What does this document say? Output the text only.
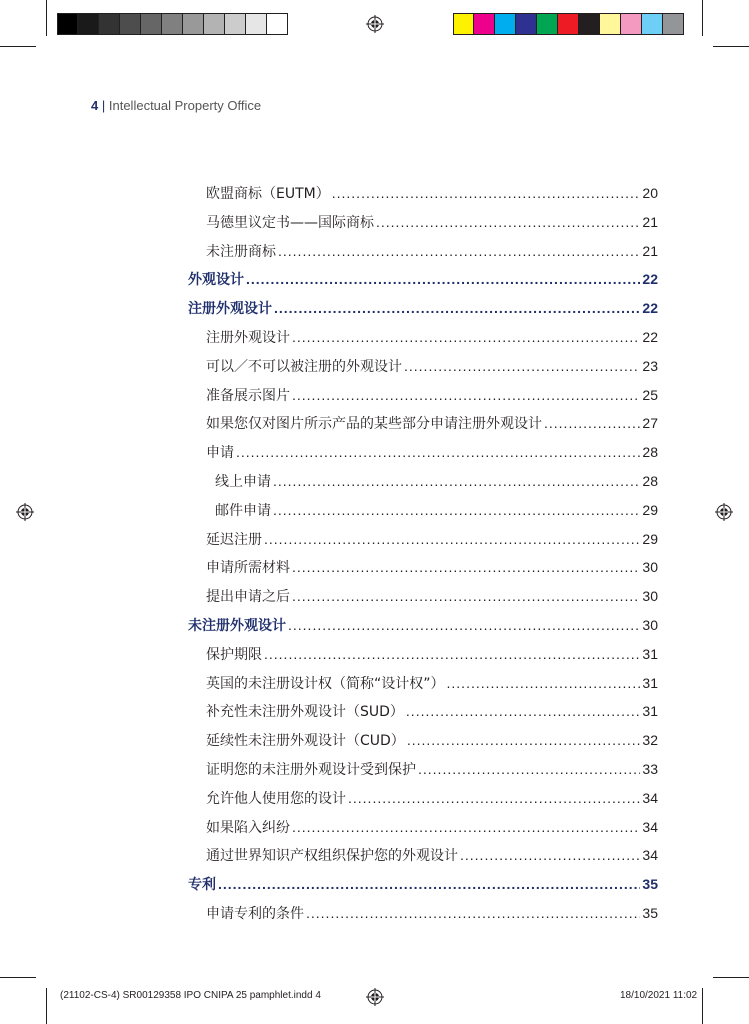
4 | Intellectual Property Office
欧盟商标（EUTM） .....	20
马德里议定书——国际商标 .....	21
未注册商标 .....	21
外观设计 .....	22
注册外观设计 .....	22
注册外观设计 .....	22
可以／不可以被注册的外观设计 .....	23
准备展示图片 .....	25
如果您仅对图片所示产品的某些部分申请注册外观设计 .....	27
申请 .....	28
线上申请 .....	28
邮件申请 .....	29
延迟注册 .....	29
申请所需材料 .....	30
提出申请之后 .....	30
未注册外观设计 .....	30
保护期限 .....	31
英国的未注册设计权（简称“设计权”） .....	31
补充性未注册外观设计（SUD） .....	31
延续性未注册外观设计（CUD） .....	32
证明您的未注册外观设计受到保护 .....	33
允许他人使用您的设计 .....	34
如果陷入纠纷 .....	34
通过世界知识产权组织保护您的外观设计 .....	34
专利 .....	35
申请专利的条件 .....	35
(21102-CS-4) SR00129358 IPO CNIPA 25 pamphlet.indd 4	18/10/2021 11:02
